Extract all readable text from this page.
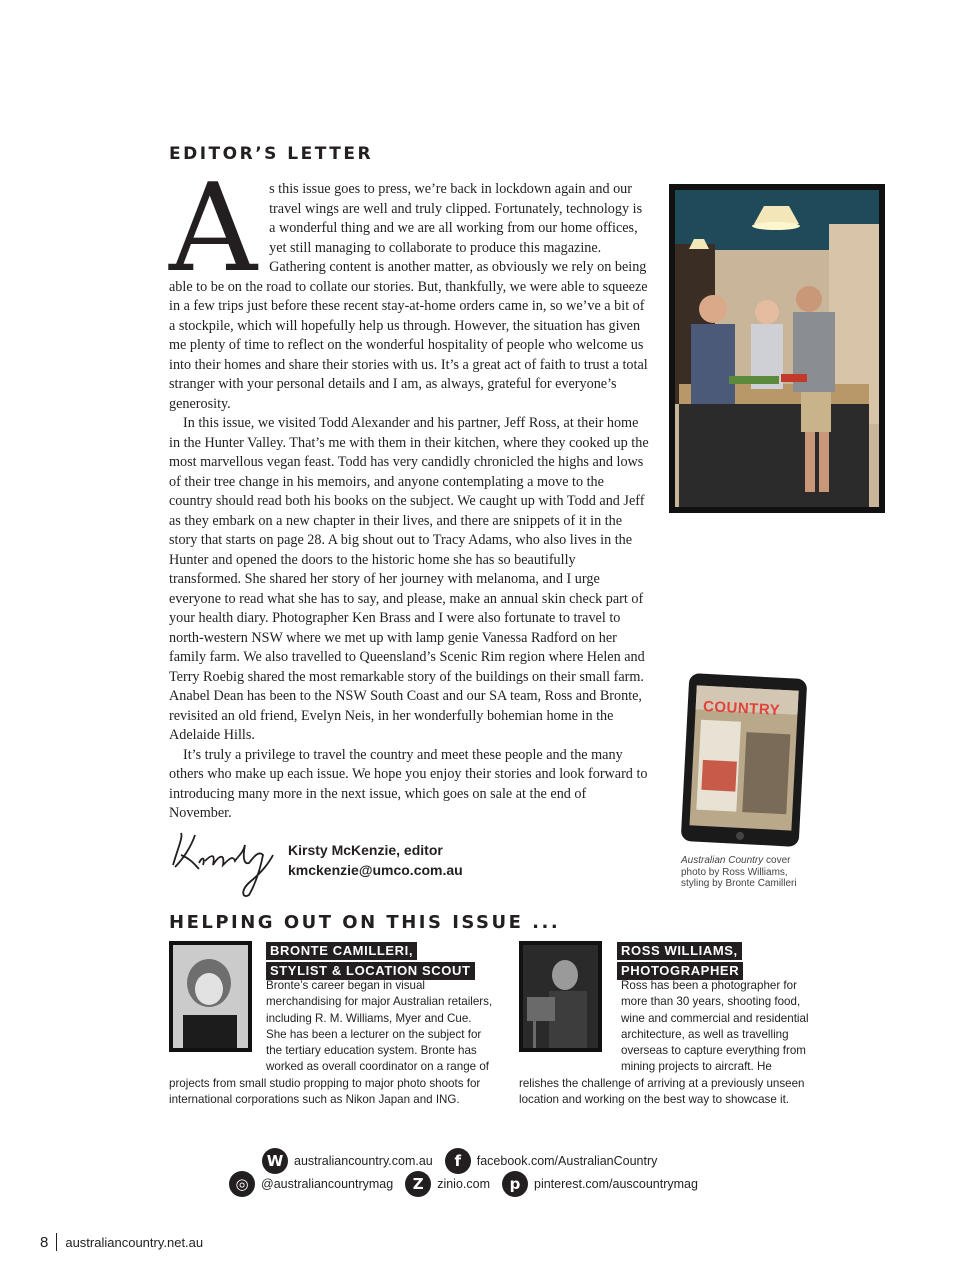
EDITOR’S LETTER

A s this issue goes to press, we’re back in lockdown again and our travel wings are well and truly clipped. Fortunately, technology is a wonderful thing and we are all working from our home offices, yet still managing to collaborate to produce this magazine. Gathering content is another matter, as obviously we rely on being able to be on the road to collate our stories. But, thankfully, we were able to squeeze in a few trips just before these recent stay-at-home orders came in, so we’ve a bit of a stockpile, which will hopefully help us through. However, the situation has given me plenty of time to reflect on the wonderful hospitality of people who welcome us into their homes and share their stories with us. It’s a great act of faith to trust a total stranger with your personal details and I am, as always, grateful for everyone’s generosity.

In this issue, we visited Todd Alexander and his partner, Jeff Ross, at their home in the Hunter Valley. That’s me with them in their kitchen, where they cooked up the most marvellous vegan feast. Todd has very candidly chronicled the highs and lows of their tree change in his memoirs, and anyone contemplating a move to the country should read both his books on the subject. We caught up with Todd and Jeff as they embark on a new chapter in their lives, and there are snippets of it in the story that starts on page 28. A big shout out to Tracy Adams, who also lives in the Hunter and opened the doors to the historic home she has so beautifully transformed. She shared her story of her journey with melanoma, and I urge everyone to read what she has to say, and please, make an annual skin check part of your health diary. Photographer Ken Brass and I were also fortunate to travel to north-western NSW where we met up with lamp genie Vanessa Radford on her family farm. We also travelled to Queensland’s Scenic Rim region where Helen and Terry Roebig shared the most remarkable story of the buildings on their small farm. Anabel Dean has been to the NSW South Coast and our SA team, Ross and Bronte, revisited an old friend, Evelyn Neis, in her wonderfully bohemian home in the Adelaide Hills.

It’s truly a privilege to travel the country and meet these people and the many others who make up each issue. We hope you enjoy their stories and look forward to introducing many more in the next issue, which goes on sale at the end of November.

COUNTRY
Australian Country cover photo by Ross Williams, styling by Bronte Camilleri
Kirsty McKenzie, editor
kmckenzie@umco.com.au
HELPING OUT ON THIS ISSUE ...
BRONTE CAMILLERI,
STYLIST & LOCATION SCOUT
Bronte’s career began in visual merchandising for major Australian retailers, including R. M. Williams, Myer and Cue. She has been a lecturer on the subject for the tertiary education system. Bronte has worked as overall coordinator on a range of projects from small studio propping to major photo shoots for international corporations such as Nikon Japan and ING.
ROSS WILLIAMS,
PHOTOGRAPHER
Ross has been a photographer for more than 30 years, shooting food, wine and commercial and residential architecture, as well as travelling overseas to capture everything from mining projects to aircraft. He relishes the challenge of arriving at a previously unseen location and working on the best way to showcase it.
W australiancountry.com.au	f	facebook.com/AustralianCountry
◎ @australiancountrymag	Z	zinio.com	p	pinterest.com/auscountrymag
8 australiancountry.net.au
